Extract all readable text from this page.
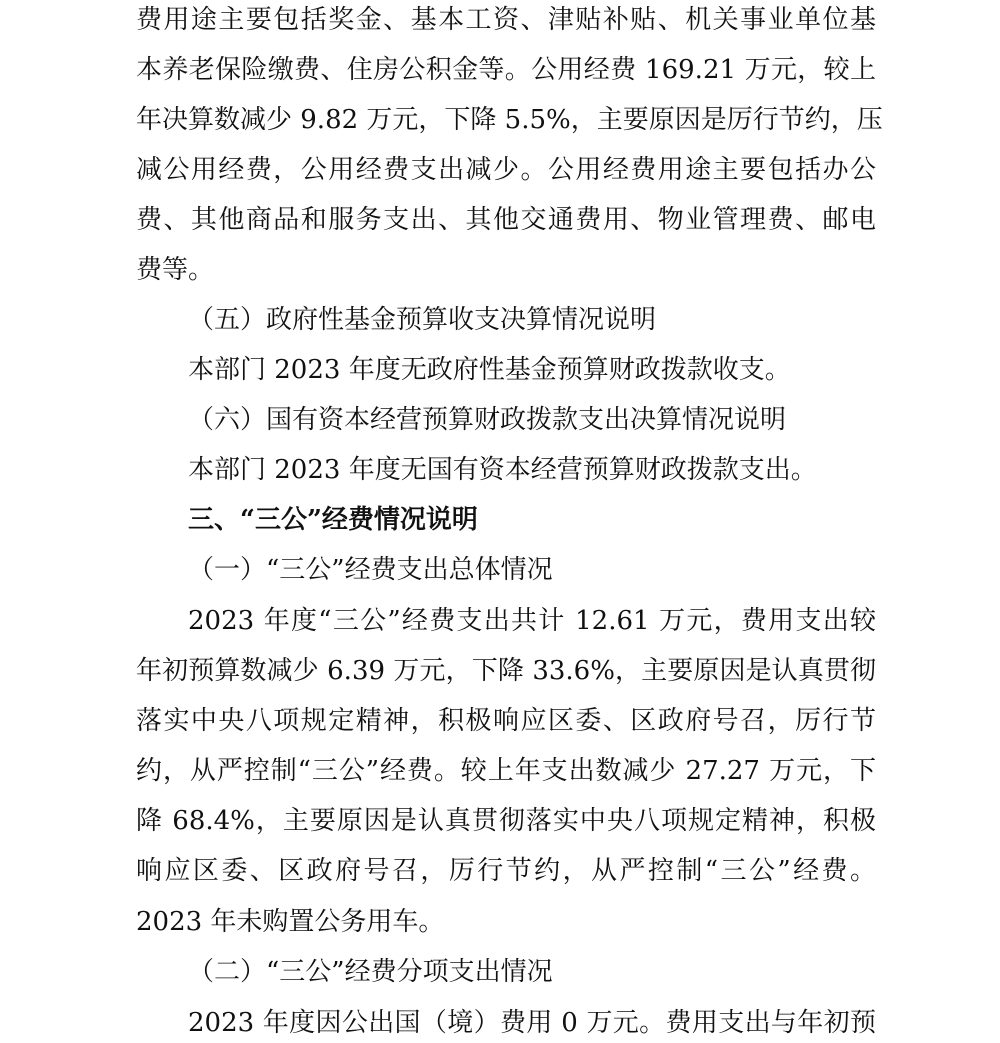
费用途主要包括奖金、基本工资、津贴补贴、机关事业单位基
本养老保险缴费、住房公积金等。公用经费 169.21 万元，较上
年决算数减少 9.82 万元，下降 5.5%，主要原因是厉行节约，压
减公用经费，公用经费支出减少。公用经费用途主要包括办公
费、其他商品和服务支出、其他交通费用、物业管理费、邮电
费等。
（五）政府性基金预算收支决算情况说明
本部门 2023 年度无政府性基金预算财政拨款收支。
（六）国有资本经营预算财政拨款支出决算情况说明
本部门 2023 年度无国有资本经营预算财政拨款支出。
三、“三公”经费情况说明
（一）“三公”经费支出总体情况
2023 年度“三公”经费支出共计 12.61 万元，费用支出较
年初预算数减少 6.39 万元，下降 33.6%，主要原因是认真贯彻
落实中央八项规定精神，积极响应区委、区政府号召，厉行节
约，从严控制“三公”经费。较上年支出数减少 27.27 万元，下
降 68.4%，主要原因是认真贯彻落实中央八项规定精神，积极
响应区委、区政府号召，厉行节约，从严控制“三公”经费。
2023 年未购置公务用车。
（二）“三公”经费分项支出情况
2023 年度因公出国（境）费用 0 万元。费用支出与年初预
